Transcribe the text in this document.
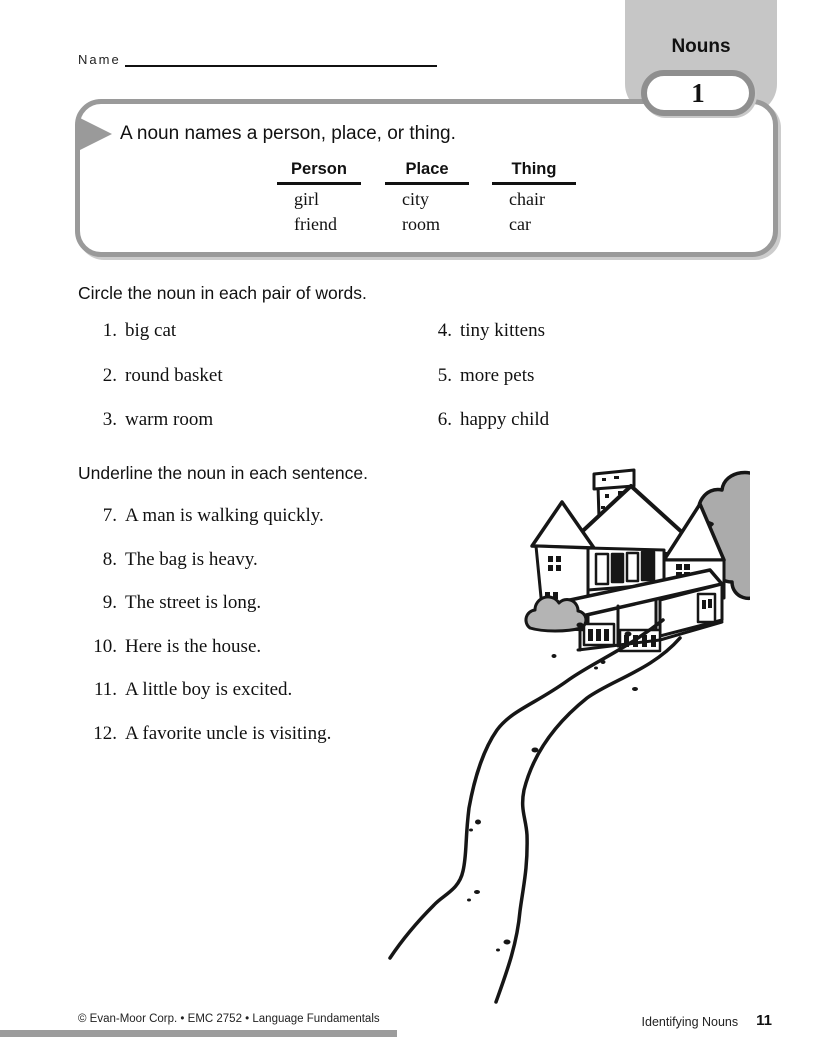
Name
Nouns
1
A noun names a person, place, or thing.
Person
girl
friend
Place
city
room
Thing
chair
car
Circle the noun in each pair of words.
1. big cat
2. round basket
3. warm room
4. tiny kittens
5. more pets
6. happy child
Underline the noun in each sentence.
7. A man is walking quickly.
8. The bag is heavy.
9. The street is long.
10. Here is the house.
11. A little boy is excited.
12. A favorite uncle is visiting.
© Evan-Moor Corp. • EMC 2752 • Language Fundamentals	Identifying Nouns 11
